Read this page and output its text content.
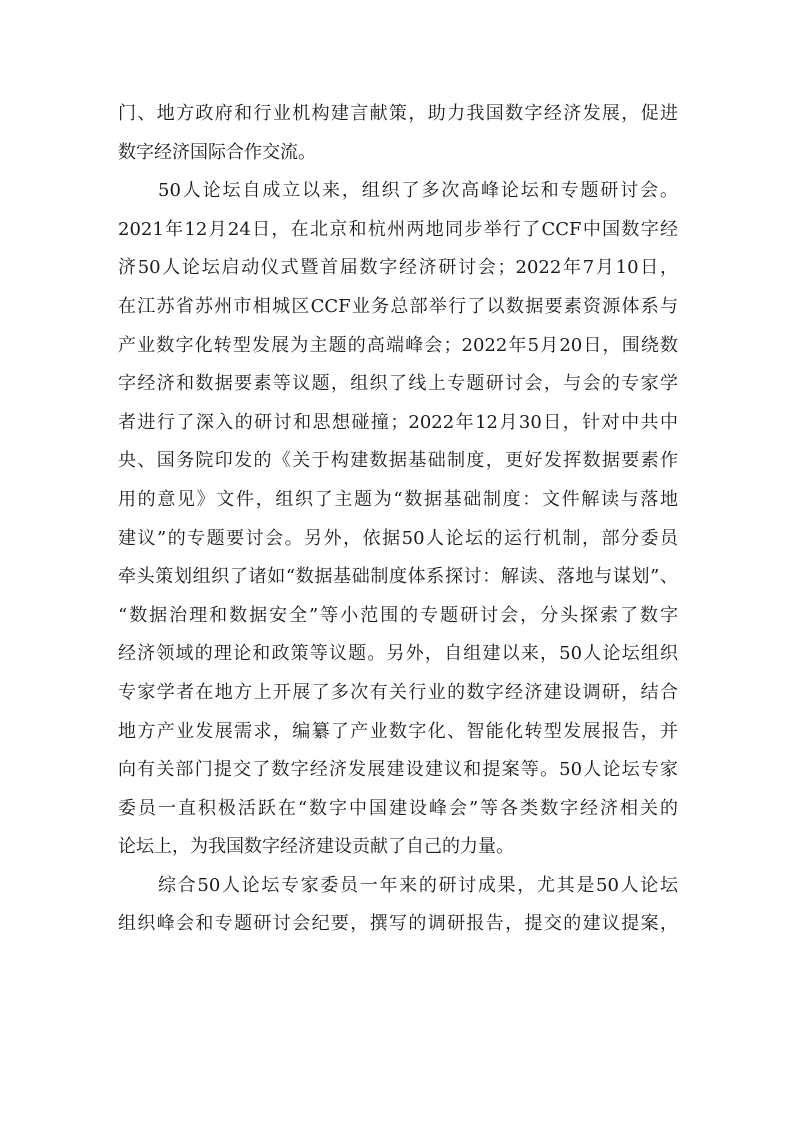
门、地方政府和行业机构建言献策，助力我国数字经济发展，促进
数字经济国际合作交流。
50人论坛自成立以来，组织了多次高峰论坛和专题研讨会。
2021年12月24日，在北京和杭州两地同步举行了CCF中国数字经
济50人论坛启动仪式暨首届数字经济研讨会；2022年7月10日，
在江苏省苏州市相城区CCF业务总部举行了以数据要素资源体系与
产业数字化转型发展为主题的高端峰会；2022年5月20日，围绕数
字经济和数据要素等议题，组织了线上专题研讨会，与会的专家学
者进行了深入的研讨和思想碰撞；2022年12月30日，针对中共中
央、国务院印发的《关于构建数据基础制度，更好发挥数据要素作
用的意见》文件，组织了主题为“数据基础制度：文件解读与落地
建议”的专题要讨会。另外，依据50人论坛的运行机制，部分委员
牵头策划组织了诸如“数据基础制度体系探讨：解读、落地与谋划”、
“数据治理和数据安全”等小范围的专题研讨会，分头探索了数字
经济领域的理论和政策等议题。另外，自组建以来，50人论坛组织
专家学者在地方上开展了多次有关行业的数字经济建设调研，结合
地方产业发展需求，编纂了产业数字化、智能化转型发展报告，并
向有关部门提交了数字经济发展建设建议和提案等。50人论坛专家
委员一直积极活跃在“数字中国建设峰会”等各类数字经济相关的
论坛上，为我国数字经济建设贡献了自己的力量。
综合50人论坛专家委员一年来的研讨成果，尤其是50人论坛
组织峰会和专题研讨会纪要，撰写的调研报告，提交的建议提案，
